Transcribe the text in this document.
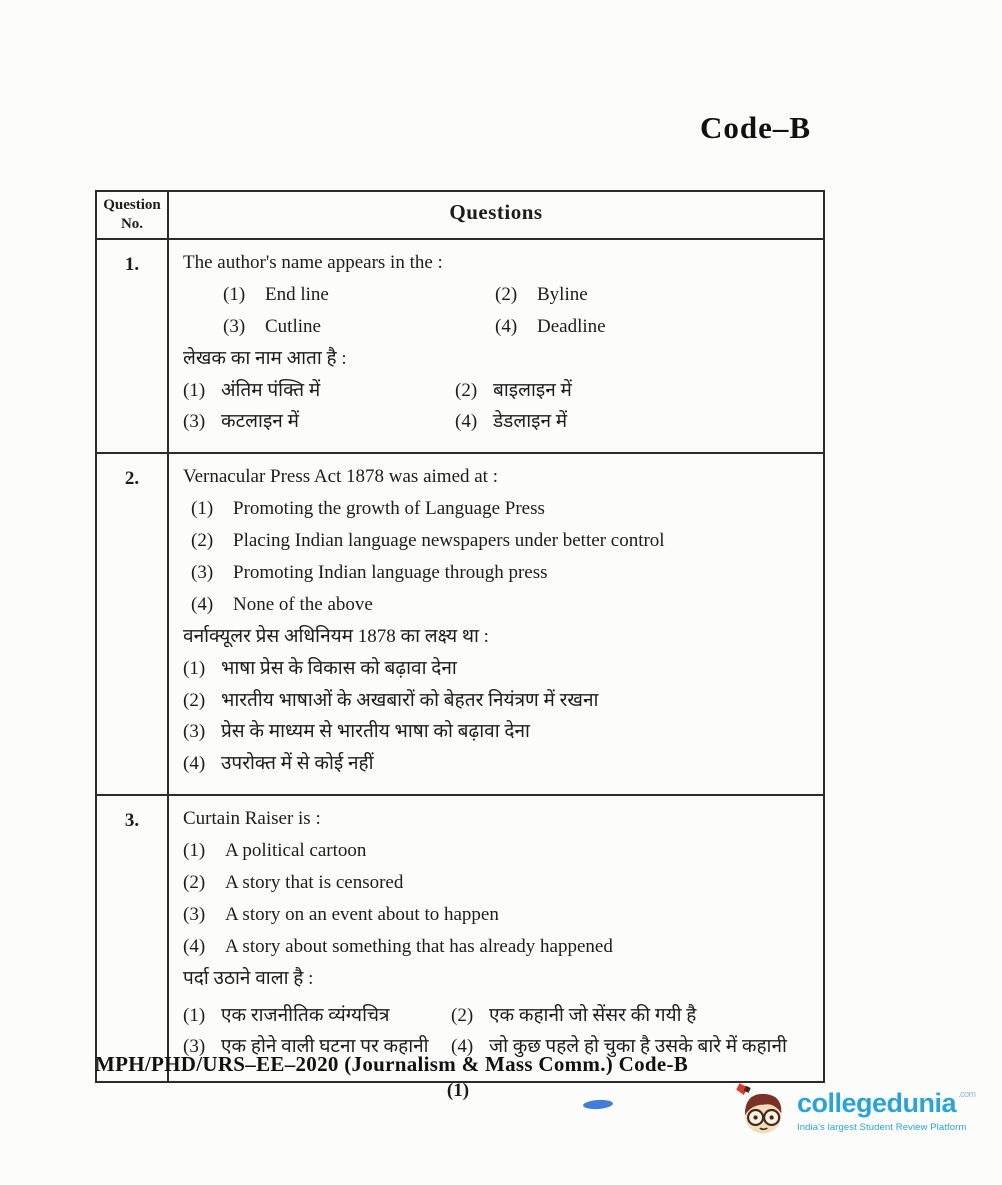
Code–B
Question
No.	Questions
1.	The author's name appears in the :
(1)	End line	(2)	Byline
(3)	Cutline	(4)	Deadline
लेखक का नाम आता है :
(1) अंतिम पंक्ति में	(2) बाइलाइन में
(3) कटलाइन में	(4) डेडलाइन में
2.	Vernacular Press Act 1878 was aimed at :
(1)	Promoting the growth of Language Press
(2)	Placing Indian language newspapers under better control
(3)	Promoting Indian language through press
(4)	None of the above
वर्नाक्यूलर प्रेस अधिनियम 1878 का लक्ष्य था :
(1) भाषा प्रेस के विकास को बढ़ावा देना
(2) भारतीय भाषाओं के अखबारों को बेहतर नियंत्रण में रखना
(3) प्रेस के माध्यम से भारतीय भाषा को बढ़ावा देना
(4) उपरोक्त में से कोई नहीं
3.	Curtain Raiser is :
(1)	A political cartoon
(2)	A story that is censored
(3)	A story on an event about to happen
(4)	A story about something that has already happened
पर्दा उठाने वाला है :
(1) एक राजनीतिक व्यंग्यचित्र	(2) एक कहानी जो सेंसर की गयी है
(3) एक होने वाली घटना पर कहानी (4) जो कुछ पहले हो चुका है उसके बारे में कहानी
MPH/PHD/URS–EE–2020 (Journalism & Mass Comm.) Code-B
(1)	collegedunia $^{.com}$
India's largest Student Review Platform
